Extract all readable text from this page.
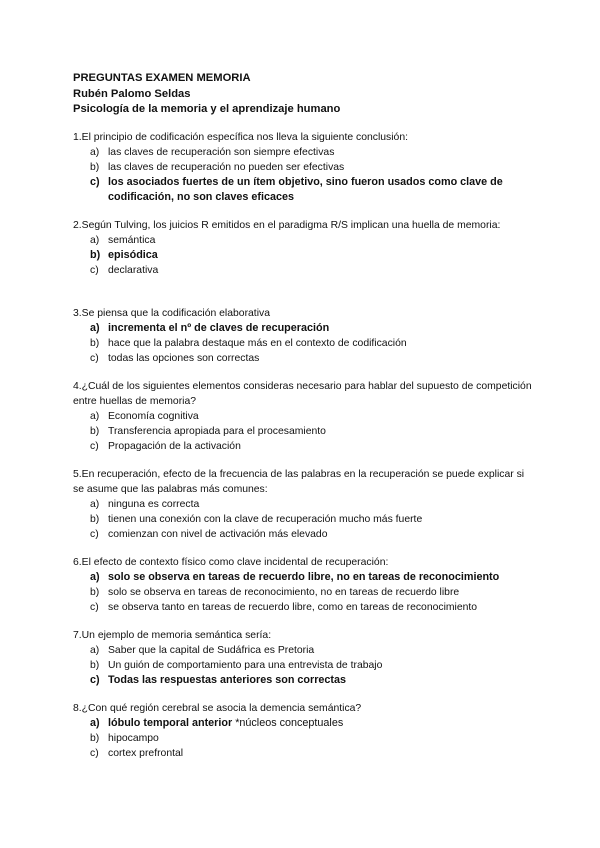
PREGUNTAS EXAMEN MEMORIA
Rubén Palomo Seldas
Psicología de la memoria y el aprendizaje humano
1.El principio de codificación específica nos lleva la siguiente conclusión:
a) las claves de recuperación son siempre efectivas
b) las claves de recuperación no pueden ser efectivas
c) los asociados fuertes de un ítem objetivo, sino fueron usados como clave de codificación, no son claves eficaces
2.Según Tulving, los juicios R emitidos en el paradigma R/S implican una huella de memoria:
a) semántica
b) episódica
c) declarativa
3.Se piensa que la codificación elaborativa
a) incrementa el nº de claves de recuperación
b) hace que la palabra destaque más en el contexto de codificación
c) todas las opciones son correctas
4.¿Cuál de los siguientes elementos consideras necesario para hablar del supuesto de competición entre huellas de memoria?
a) Economía cognitiva
b) Transferencia apropiada para el procesamiento
c) Propagación de la activación
5.En recuperación, efecto de la frecuencia de las palabras en la recuperación se puede explicar si se asume que las palabras más comunes:
a) ninguna es correcta
b) tienen una conexión con la clave de recuperación mucho más fuerte
c) comienzan con nivel de activación más elevado
6.El efecto de contexto físico como clave incidental de recuperación:
a) solo se observa en tareas de recuerdo libre, no en tareas de reconocimiento
b) solo se observa en tareas de reconocimiento, no en tareas de recuerdo libre
c) se observa tanto en tareas de recuerdo libre, como en tareas de reconocimiento
7.Un ejemplo de memoria semántica sería:
a) Saber que la capital de Sudáfrica es Pretoria
b) Un guión de comportamiento para una entrevista de trabajo
c) Todas las respuestas anteriores son correctas
8.¿Con qué región cerebral se asocia la demencia semántica?
a) lóbulo temporal anterior *núcleos conceptuales
b) hipocampo
c) cortex prefrontal
